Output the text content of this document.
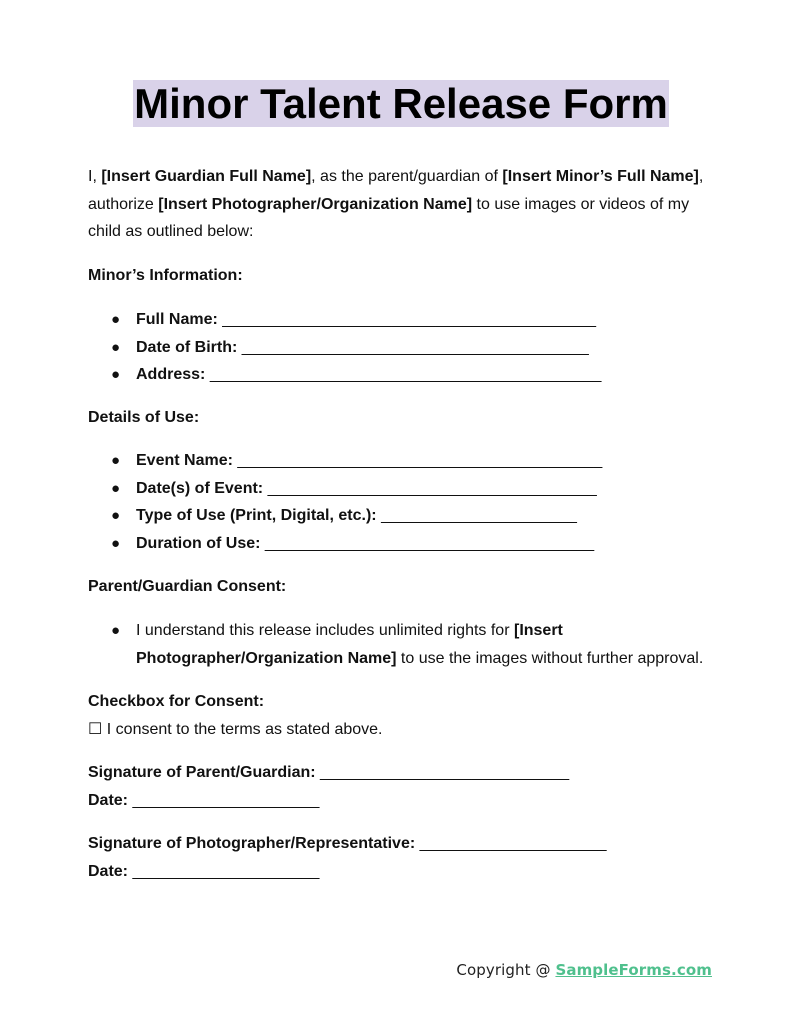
Minor Talent Release Form
I, [Insert Guardian Full Name], as the parent/guardian of [Insert Minor’s Full Name], authorize [Insert Photographer/Organization Name] to use images or videos of my child as outlined below:
Minor’s Information:
● Full Name: __________________________________________
● Date of Birth: _______________________________________
● Address: ____________________________________________
Details of Use:
● Event Name: _________________________________________
● Date(s) of Event: _____________________________________
● Type of Use (Print, Digital, etc.): ______________________
● Duration of Use: _____________________________________
Parent/Guardian Consent:
● I understand this release includes unlimited rights for [Insert Photographer/Organization Name] to use the images without further approval.
Checkbox for Consent:
☐ I consent to the terms as stated above.
Signature of Parent/Guardian: ____________________________
Date: _____________________
Signature of Photographer/Representative: _____________________
Date: _____________________
Copyright @ SampleForms.com
